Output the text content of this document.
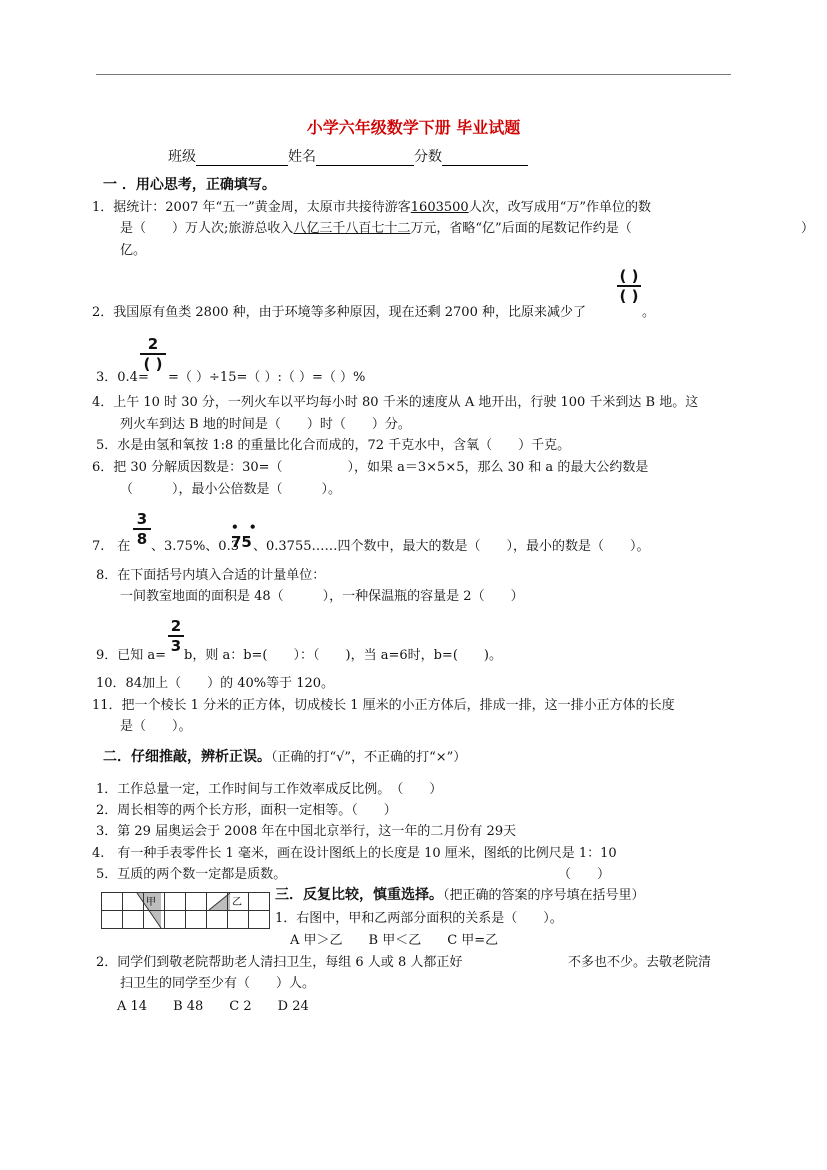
小学六年级数学下册 毕业试题
班级	姓名	分数
一 ．用心思考，正确填写。
1．据统计：2007 年“五一”黄金周，太原市共接待游客1603500人次，改写成用“万”作单位的数
是（　　）万人次;旅游总收入八亿三千八百七十二万元，省略“亿”后面的尾数记作约是（	）
亿。
2．我国原有鱼类 2800 种，由于环境等多种原因，现在还剩 2700 种，比原来减少了
( )
( )
。
2
( )
3．0.4= =（ ）÷15=（ ）:（ ）=（ ）%
4．上午 10 时 30 分，一列火车以平均每小时 80 千米的速度从 A 地开出，行驶 100 千米到达 B 地。这
列火车到达 B 地的时间是（　　）时（　　）分。
5．水是由氢和氧按 1:8 的重量比化合而成的，72 千克水中，含氧（　　）千克。
6．把 30 分解质因数是：30=（　　　　　），如果 a＝3×5×5，那么 30 和 a 的最大公约数是
（　　　），最小公倍数是（　　　）。
3
8
7.　在 、3.75%、0.3
• •
75 、0.3755……四个数中，最大的数是（　　），最小的数是（　　）。
8．在下面括号内填入合适的计量单位：
一间教室地面的面积是 48（　　　），一种保温瓶的容量是 2（　　）
2
3
9．已知 a= b，则 a：b=(　　）：（　　)，当 a=6时，b=(　　)。
10．84加上（　　）的 40%等于 120。
11．把一个棱长 1 分米的正方体，切成棱长 1 厘米的小正方体后，排成一排，这一排小正方体的长度
是（　　）。
二．仔细推敲，辨析正误。（正确的打“√”，不正确的打“×”）
1．工作总量一定，工作时间与工作效率成反比例。　（　　）
2．周长相等的两个长方形，面积一定相等。（　　）
3．第 29 届奥运会于 2008 年在中国北京举行，这一年的二月份有 29天
4.　有一种手表零件长 1 毫米，画在设计图纸上的长度是 10 厘米，图纸的比例尺是 1：10
5．互质的两个数一定都是质数。	（　　）
甲	乙 三．反复比较，慎重选择。（把正确的答案的序号填在括号里）
1．右图中，甲和乙两部分面积的关系是（　　）。
A 甲＞乙　　B 甲＜乙　　C 甲=乙
2．同学们到敬老院帮助老人清扫卫生，每组 6 人或 8 人都正好	不多也不少。去敬老院清
扫卫生的同学至少有（　　）人。
A 14　　B 48　　C 2　　D 24
